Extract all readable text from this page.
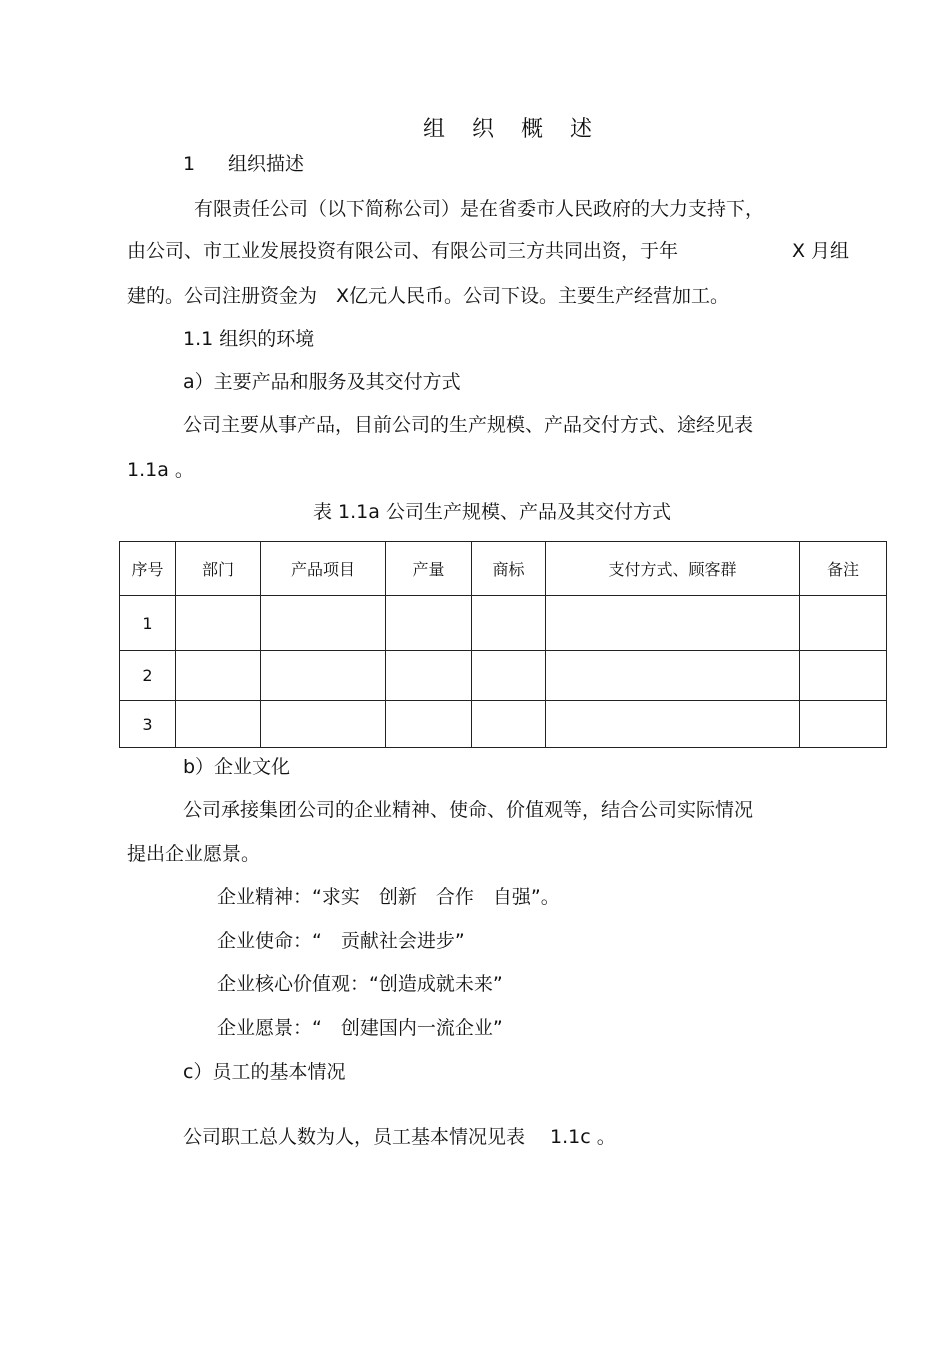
组 织 概 述
1 组织描述
有限责任公司（以下简称公司）是在省委市人民政府的大力支持下，
由公司、市工业发展投资有限公司、有限公司三方共同出资，于年	X 月组
建的。公司注册资金为　X亿元人民币。公司下设。主要生产经营加工。
1.1 组织的环境
a）主要产品和服务及其交付方式
公司主要从事产品，目前公司的生产规模、产品交付方式、途经见表
1.1a 。
表 1.1a 公司生产规模、产品及其交付方式
序号	部门	产品项目	产量	商标	支付方式、顾客群	备注
1						
2						
3						
b）企业文化
公司承接集团公司的企业精神、使命、价值观等，结合公司实际情况
提出企业愿景。
企业精神：“求实　创新　合作　自强”。
企业使命：“　贡献社会进步”
企业核心价值观：“创造成就未来”
企业愿景：“　创建国内一流企业”
c）员工的基本情况
公司职工总人数为人，员工基本情况见表　 1.1c 。
